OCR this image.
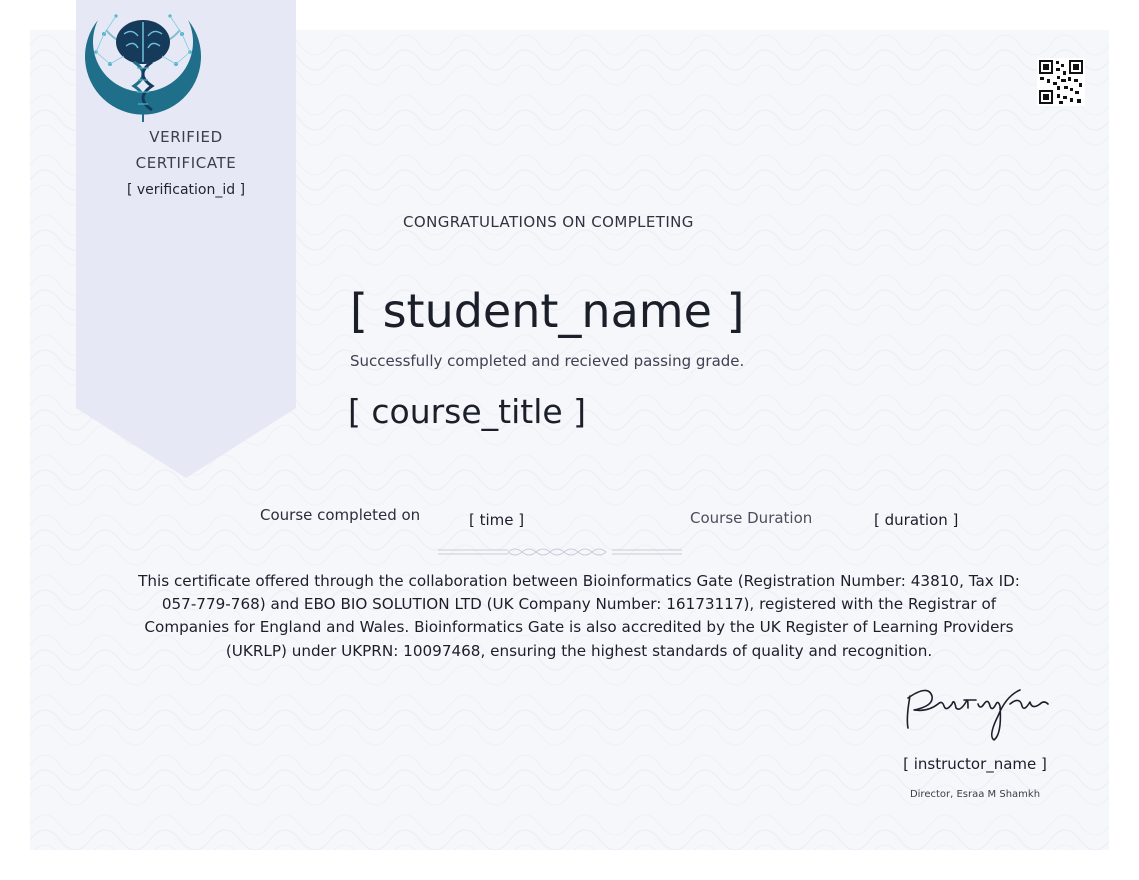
VERIFIED
CERTIFICATE
[ verification_id ]
CONGRATULATIONS ON COMPLETING
[ student_name ]
Successfully completed and recieved passing grade.
[ course_title ]
Course completed on	[ time ]	Course Duration	[ duration ]
This certificate offered through the collaboration between Bioinformatics Gate (Registration Number: 43810, Tax ID: 057-779-768) and EBO BIO SOLUTION LTD (UK Company Number: 16173117), registered with the Registrar of Companies for England and Wales. Bioinformatics Gate is also accredited by the UK Register of Learning Providers (UKRLP) under UKPRN: 10097468, ensuring the highest standards of quality and recognition.
[ instructor_name ]
Director, Esraa M Shamkh
